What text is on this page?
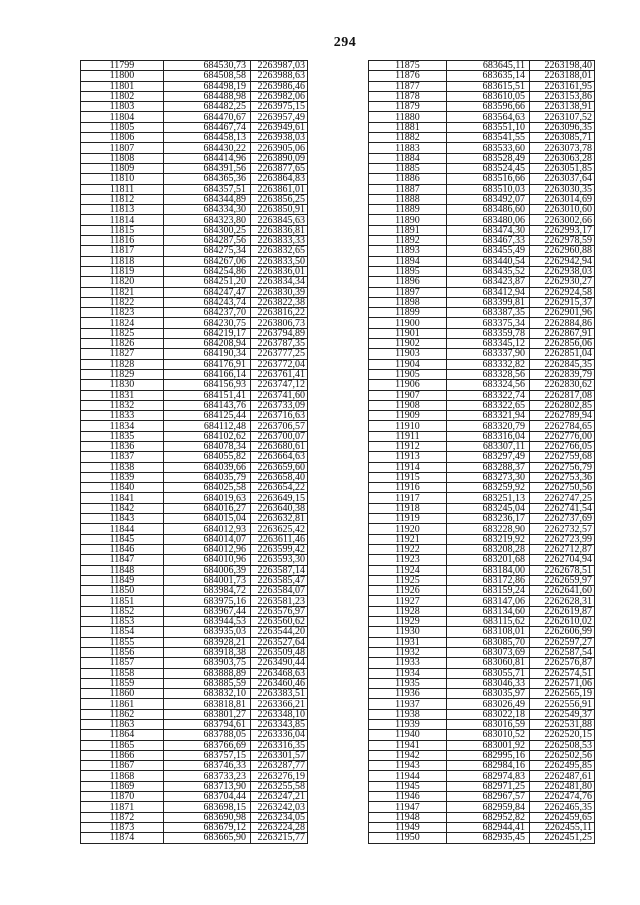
294
11799	684530,73	2263987,03
11800	684508,58	2263988,63
11801	684498,19	2263986,46
11802	684488,98	2263982,06
11803	684482,25	2263975,15
11804	684470,67	2263957,49
11805	684467,74	2263949,61
11806	684458,13	2263938,03
11807	684430,22	2263905,06
11808	684414,96	2263890,09
11809	684391,56	2263877,65
11810	684365,36	2263864,83
11811	684357,51	2263861,01
11812	684344,89	2263856,25
11813	684334,30	2263850,91
11814	684323,80	2263845,63
11815	684300,25	2263836,81
11816	684287,56	2263833,33
11817	684275,34	2263832,65
11818	684267,06	2263833,50
11819	684254,86	2263836,01
11820	684251,20	2263834,34
11821	684247,47	2263830,39
11822	684243,74	2263822,38
11823	684237,70	2263816,22
11824	684230,75	2263806,73
11825	684219,17	2263794,89
11826	684208,94	2263787,35
11827	684190,34	2263777,25
11828	684176,91	2263772,04
11829	684166,14	2263761,41
11830	684156,93	2263747,12
11831	684151,41	2263741,60
11832	684143,76	2263733,09
11833	684125,44	2263716,63
11834	684112,48	2263706,57
11835	684102,62	2263700,07
11836	684078,34	2263680,61
11837	684055,82	2263664,63
11838	684039,66	2263659,60
11839	684035,79	2263658,40
11840	684025,58	2263654,22
11841	684019,63	2263649,15
11842	684016,27	2263640,38
11843	684015,04	2263632,81
11844	684012,93	2263625,42
11845	684014,07	2263611,46
11846	684012,96	2263599,42
11847	684010,96	2263593,30
11848	684006,39	2263587,14
11849	684001,73	2263585,47
11850	683984,72	2263584,07
11851	683975,16	2263581,23
11852	683967,44	2263576,97
11853	683944,53	2263560,62
11854	683935,03	2263544,20
11855	683928,21	2263527,64
11856	683918,38	2263509,48
11857	683903,75	2263490,44
11858	683888,89	2263468,63
11859	683885,59	2263460,46
11860	683832,10	2263383,51
11861	683818,81	2263366,21
11862	683801,27	2263348,10
11863	683794,61	2263343,85
11864	683788,05	2263336,04
11865	683766,69	2263316,35
11866	683757,15	2263301,57
11867	683746,33	2263287,77
11868	683733,23	2263276,19
11869	683713,90	2263255,58
11870	683704,44	2263247,21
11871	683698,15	2263242,03
11872	683690,98	2263234,05
11873	683679,12	2263224,28
11874	683665,90	2263215,77
11875	683645,11	2263198,40
11876	683635,14	2263188,01
11877	683615,51	2263161,95
11878	683610,05	2263153,86
11879	683596,66	2263138,91
11880	683564,63	2263107,52
11881	683551,10	2263096,35
11882	683541,55	2263085,71
11883	683533,60	2263073,78
11884	683528,49	2263063,28
11885	683524,45	2263051,85
11886	683516,66	2263037,64
11887	683510,03	2263030,35
11888	683492,07	2263014,69
11889	683486,60	2263010,60
11890	683480,06	2263002,66
11891	683474,30	2262993,17
11892	683467,33	2262978,59
11893	683455,49	2262960,88
11894	683440,54	2262942,94
11895	683435,52	2262938,03
11896	683423,87	2262930,27
11897	683412,94	2262924,58
11898	683399,81	2262915,37
11899	683387,35	2262901,96
11900	683375,34	2262884,86
11901	683359,78	2262867,91
11902	683345,12	2262856,06
11903	683337,90	2262851,04
11904	683332,82	2262845,35
11905	683328,56	2262839,79
11906	683324,56	2262830,62
11907	683322,74	2262817,08
11908	683322,65	2262802,85
11909	683321,94	2262789,94
11910	683320,79	2262784,65
11911	683316,04	2262776,00
11912	683307,11	2262766,05
11913	683297,49	2262759,68
11914	683288,37	2262756,79
11915	683273,30	2262753,36
11916	683259,92	2262750,56
11917	683251,13	2262747,25
11918	683245,04	2262741,54
11919	683236,17	2262737,69
11920	683228,90	2262732,57
11921	683219,92	2262723,99
11922	683208,28	2262712,87
11923	683201,68	2262704,94
11924	683184,00	2262678,51
11925	683172,86	2262659,97
11926	683159,24	2262641,60
11927	683147,06	2262628,31
11928	683134,60	2262619,87
11929	683115,62	2262610,02
11930	683108,01	2262606,99
11931	683085,70	2262597,27
11932	683073,69	2262587,54
11933	683060,81	2262576,87
11934	683055,71	2262574,51
11935	683046,33	2262571,06
11936	683035,97	2262565,19
11937	683026,49	2262556,91
11938	683022,18	2262549,37
11939	683016,59	2262531,88
11940	683010,52	2262520,15
11941	683001,92	2262508,53
11942	682995,16	2262502,56
11943	682984,16	2262495,85
11944	682974,83	2262487,61
11945	682971,25	2262481,80
11946	682967,57	2262474,76
11947	682959,84	2262465,35
11948	682952,82	2262459,65
11949	682944,41	2262455,11
11950	682935,45	2262451,25
